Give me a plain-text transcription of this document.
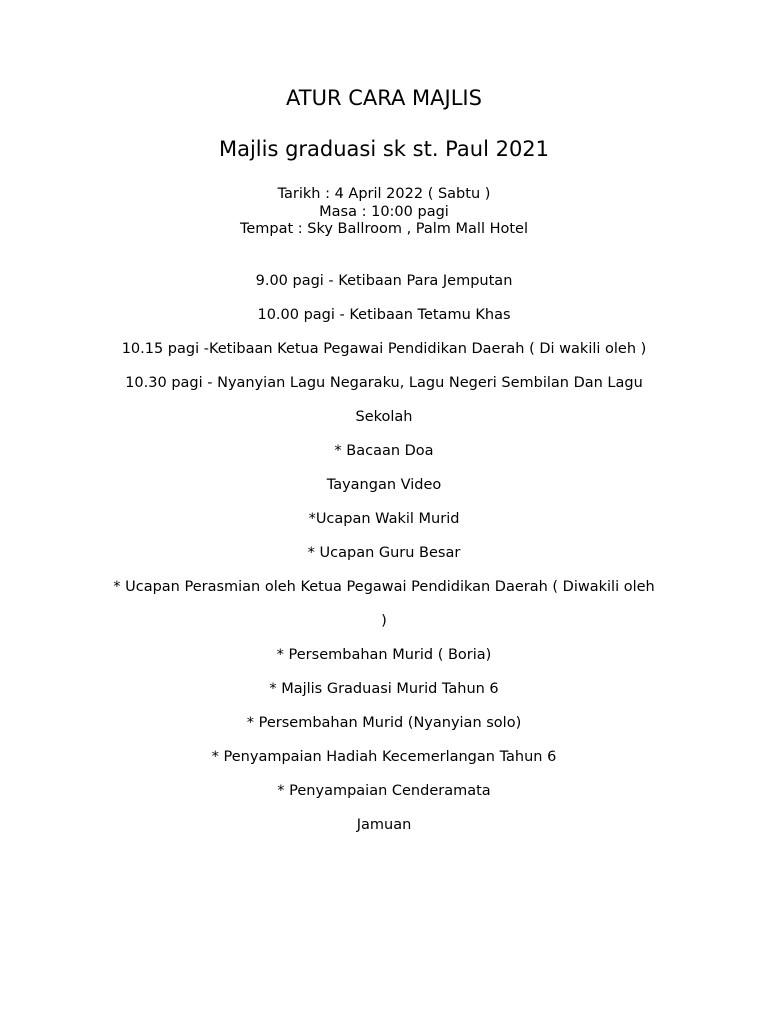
ATUR CARA MAJLIS
Majlis graduasi sk st. Paul 2021
Tarikh : 4 April 2022 ( Sabtu )
Masa : 10:00 pagi
Tempat : Sky Ballroom , Palm Mall Hotel
9.00 pagi - Ketibaan Para Jemputan
10.00 pagi - Ketibaan Tetamu Khas
10.15 pagi -Ketibaan Ketua Pegawai Pendidikan Daerah ( Di wakili oleh )
10.30 pagi - Nyanyian Lagu Negaraku, Lagu Negeri Sembilan Dan Lagu
Sekolah
* Bacaan Doa
Tayangan Video
*Ucapan Wakil Murid
* Ucapan Guru Besar
* Ucapan Perasmian oleh Ketua Pegawai Pendidikan Daerah ( Diwakili oleh
)
* Persembahan Murid ( Boria)
* Majlis Graduasi Murid Tahun 6
* Persembahan Murid (Nyanyian solo)
* Penyampaian Hadiah Kecemerlangan Tahun 6
* Penyampaian Cenderamata
Jamuan
